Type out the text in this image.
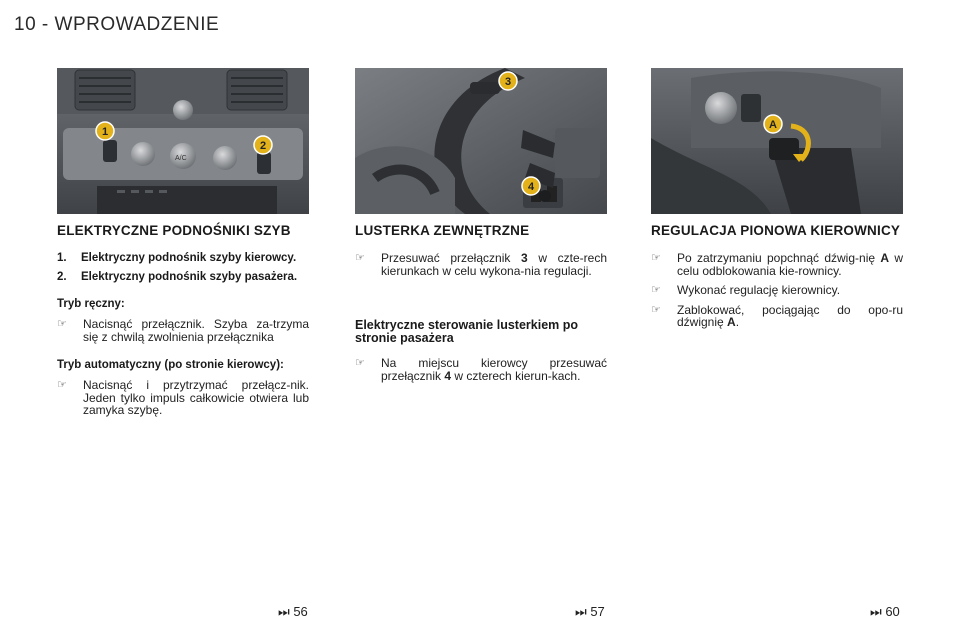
10 - WPROWADZENIE
A/C
1
2
ELEKTRYCZNE PODNOŚNIKI SZYB
1.	Elektryczny podnośnik szyby kierowcy.
2.	Elektryczny podnośnik szyby pasażera.
Tryb ręczny:
☞	Nacisnąć przełącznik. Szyba za-trzyma się z chwilą zwolnienia przełącznika
Tryb automatyczny (po stronie kierowcy):
☞	Nacisnąć i przytrzymać przełącz-nik. Jeden tylko impuls całkowicie otwiera lub zamyka szybę.
3
4
LUSTERKA ZEWNĘTRZNE
☞	Przesuwać przełącznik 3 w czte-rech kierunkach w celu wykona-nia regulacji.
Elektryczne sterowanie lusterkiem po stronie pasażera
☞	Na miejscu kierowcy przesuwać przełącznik 4 w czterech kierun-kach.
A
REGULACJA PIONOWA KIEROWNICY
☞	Po zatrzymaniu popchnąć dźwig-nię A w celu odblokowania kie-rownicy.
☞	Wykonać regulację kierownicy.
☞	Zablokować, pociągając do opo-ru dźwignię A.
⏭ 56	⏭ 57	⏭ 60
